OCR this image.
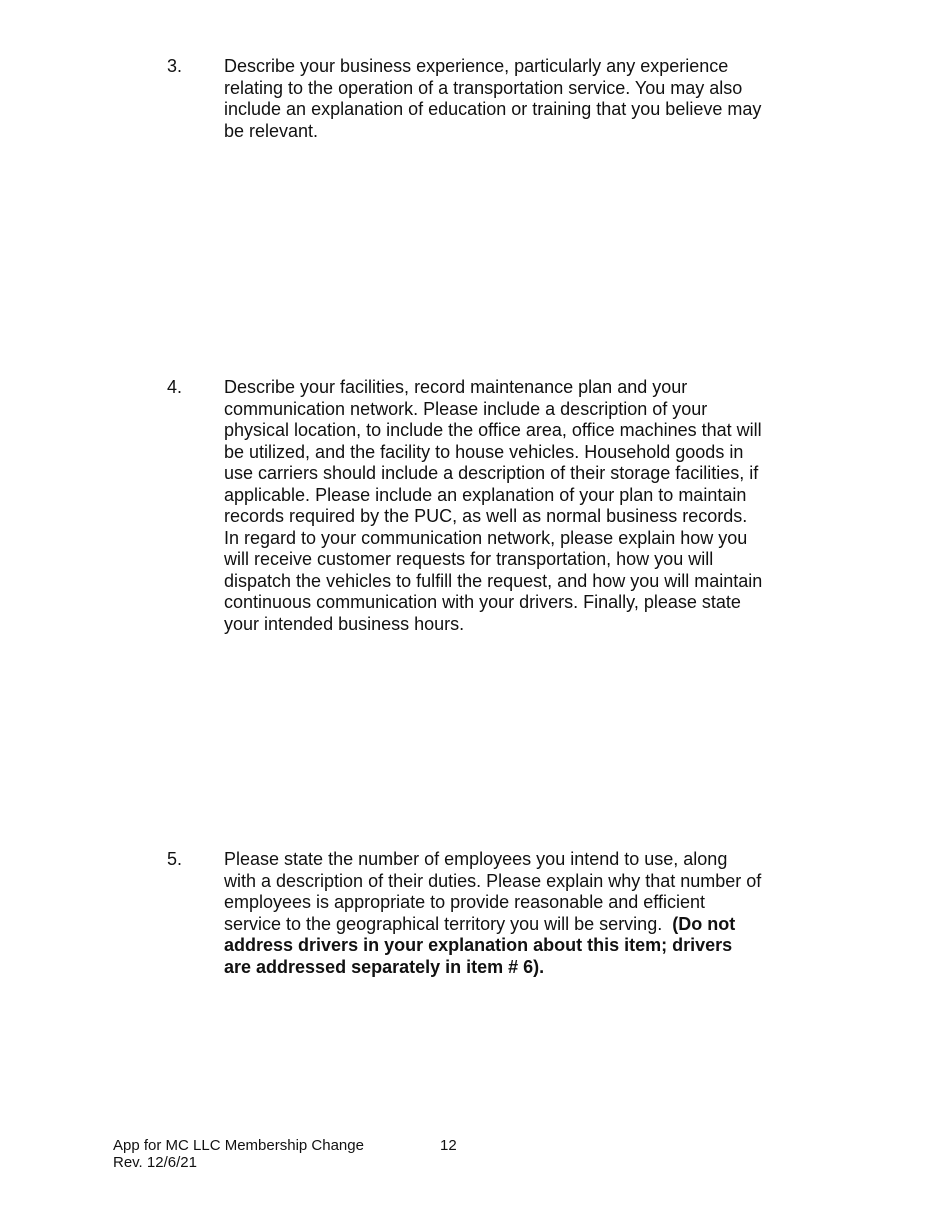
3. Describe your business experience, particularly any experience
relating to the operation of a transportation service. You may also
include an explanation of education or training that you believe may
be relevant.
4. Describe your facilities, record maintenance plan and your
communication network. Please include a description of your
physical location, to include the office area, office machines that will
be utilized, and the facility to house vehicles. Household goods in
use carriers should include a description of their storage facilities, if
applicable. Please include an explanation of your plan to maintain
records required by the PUC, as well as normal business records.
In regard to your communication network, please explain how you
will receive customer requests for transportation, how you will
dispatch the vehicles to fulfill the request, and how you will maintain
continuous communication with your drivers. Finally, please state
your intended business hours.
5. Please state the number of employees you intend to use, along
with a description of their duties. Please explain why that number of
employees is appropriate to provide reasonable and efficient
service to the geographical territory you will be serving.  (Do not
address drivers in your explanation about this item; drivers
are addressed separately in item # 6).
App for MC LLC Membership Change
Rev. 12/6/21
12
